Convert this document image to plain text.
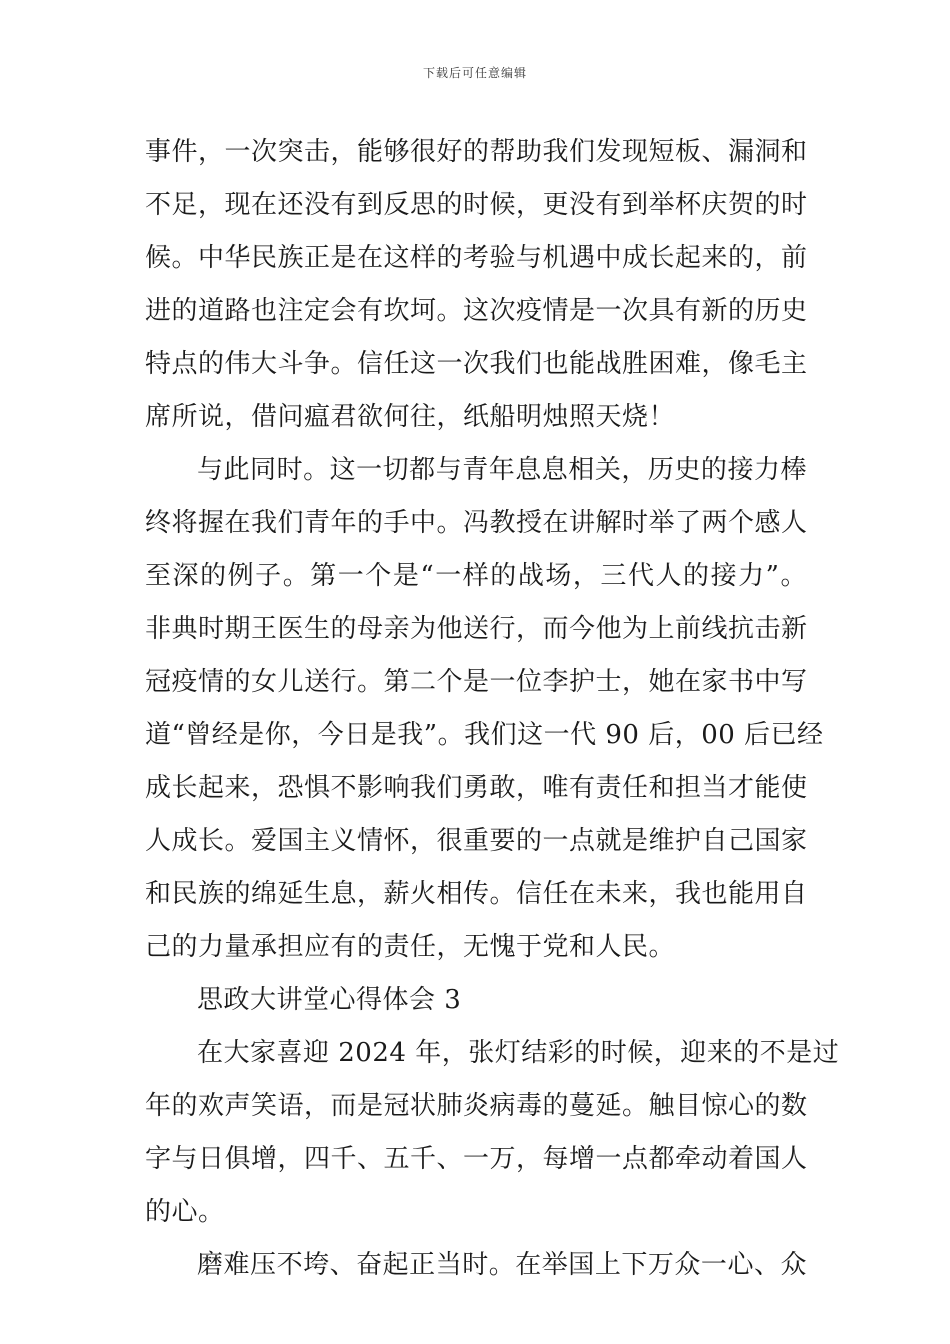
下载后可任意编辑
事件，一次突击，能够很好的帮助我们发现短板、漏洞和
不足，现在还没有到反思的时候，更没有到举杯庆贺的时
候。中华民族正是在这样的考验与机遇中成长起来的，前
进的道路也注定会有坎坷。这次疫情是一次具有新的历史
特点的伟大斗争。信任这一次我们也能战胜困难，像毛主
席所说，借问瘟君欲何往，纸船明烛照天烧！
与此同时。这一切都与青年息息相关，历史的接力棒
终将握在我们青年的手中。冯教授在讲解时举了两个感人
至深的例子。第一个是“一样的战场，三代人的接力”。
非典时期王医生的母亲为他送行，而今他为上前线抗击新
冠疫情的女儿送行。第二个是一位李护士，她在家书中写
道“曾经是你，今日是我”。我们这一代 90 后，00 后已经
成长起来，恐惧不影响我们勇敢，唯有责任和担当才能使
人成长。爱国主义情怀，很重要的一点就是维护自己国家
和民族的绵延生息，薪火相传。信任在未来，我也能用自
己的力量承担应有的责任，无愧于党和人民。
思政大讲堂心得体会 3
在大家喜迎 2024 年，张灯结彩的时候，迎来的不是过
年的欢声笑语，而是冠状肺炎病毒的蔓延。触目惊心的数
字与日俱增，四千、五千、一万，每增一点都牵动着国人
的心。
磨难压不垮、奋起正当时。在举国上下万众一心、众
